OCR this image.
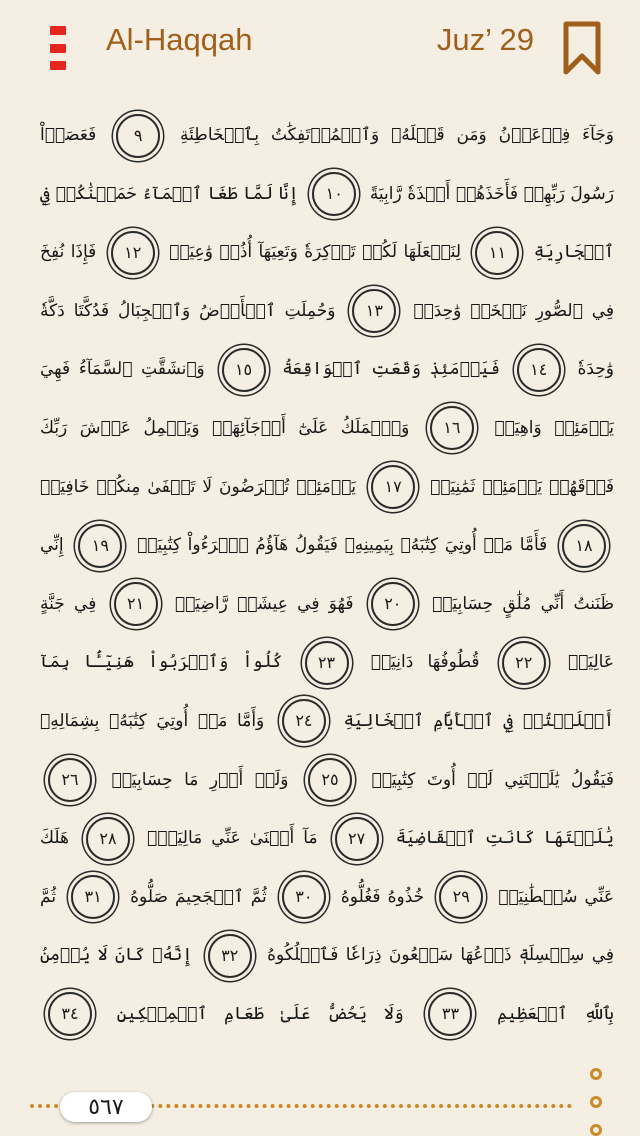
Al-Haqqah	Juz’ 29
وَجَآءَ فِرۡعَوۡنُ وَمَن قَبۡلَهُۥ وَٱلۡمُؤۡتَفِكَٰتُ بِٱلۡخَاطِئَةِ ٩ فَعَصَوۡاْ رَسُولَ رَبِّهِمۡ فَأَخَذَهُمۡ أَخۡذَةٗ رَّابِيَةً ١٠ إِنَّا لَمَّا طَغَا ٱلۡمَآءُ حَمَلۡنَٰكُمۡ فِي ٱلۡجَارِيَةِ ١١ لِنَجۡعَلَهَا لَكُمۡ تَذۡكِرَةٗ وَتَعِيَهَآ أُذُنٞ وَٰعِيَةٞ ١٢ فَإِذَا نُفِخَ فِي ٱلصُّورِ نَفۡخَةٞ وَٰحِدَةٞ ١٣ وَحُمِلَتِ ٱلۡأَرۡضُ وَٱلۡجِبَالُ فَدُكَّتَا دَكَّةٗ وَٰحِدَةٗ ١٤ فَيَوۡمَئِذٖ وَقَعَتِ ٱلۡوَاقِعَةُ ١٥ وَٱنشَقَّتِ ٱلسَّمَآءُ فَهِيَ يَوۡمَئِذٖ وَاهِيَةٞ ١٦ وَٱلۡمَلَكُ عَلَىٰٓ أَرۡجَآئِهَاۚ وَيَحۡمِلُ عَرۡشَ رَبِّكَ فَوۡقَهُمۡ يَوۡمَئِذٖ ثَمَٰنِيَةٞ ١٧ يَوۡمَئِذٖ تُعۡرَضُونَ لَا تَخۡفَىٰ مِنكُمۡ خَافِيَةٞ ١٨ فَأَمَّا مَنۡ أُوتِيَ كِتَٰبَهُۥ بِيَمِينِهِۦ فَيَقُولُ هَآؤُمُ ٱقۡرَءُواْ كِتَٰبِيَهۡ ١٩ إِنِّي ظَنَنتُ أَنِّي مُلَٰقٍ حِسَابِيَهۡ ٢٠ فَهُوَ فِي عِيشَةٖ رَّاضِيَةٖ ٢١ فِي جَنَّةٍ عَالِيَةٖ ٢٢ قُطُوفُهَا دَانِيَةٞ ٢٣ كُلُواْ وَٱشۡرَبُواْ هَنِيٓـَٔۢا بِمَآ أَسۡلَفۡتُمۡ فِي ٱلۡأَيَّامِ ٱلۡخَالِيَةِ ٢٤ وَأَمَّا مَنۡ أُوتِيَ كِتَٰبَهُۥ بِشِمَالِهِۦ فَيَقُولُ يَٰلَيۡتَنِي لَمۡ أُوتَ كِتَٰبِيَهۡ ٢٥ وَلَمۡ أَدۡرِ مَا حِسَابِيَهۡ ٢٦ يَٰلَيۡتَهَا كَانَتِ ٱلۡقَاضِيَةَ ٢٧ مَآ أَغۡنَىٰ عَنِّي مَالِيَهۡۜ ٢٨ هَلَكَ عَنِّي سُلۡطَٰنِيَهۡ ٢٩ خُذُوهُ فَغُلُّوهُ ٣٠ ثُمَّ ٱلۡجَحِيمَ صَلُّوهُ ٣١ ثُمَّ فِي سِلۡسِلَةٖ ذَرۡعُهَا سَبۡعُونَ ذِرَاعٗا فَٱسۡلُكُوهُ ٣٢ إِنَّهُۥ كَانَ لَا يُؤۡمِنُ بِٱللَّهِ ٱلۡعَظِيمِ ٣٣ وَلَا يَحُضُّ عَلَىٰ طَعَامِ ٱلۡمِسۡكِينِ ٣٤
٥٦٧
